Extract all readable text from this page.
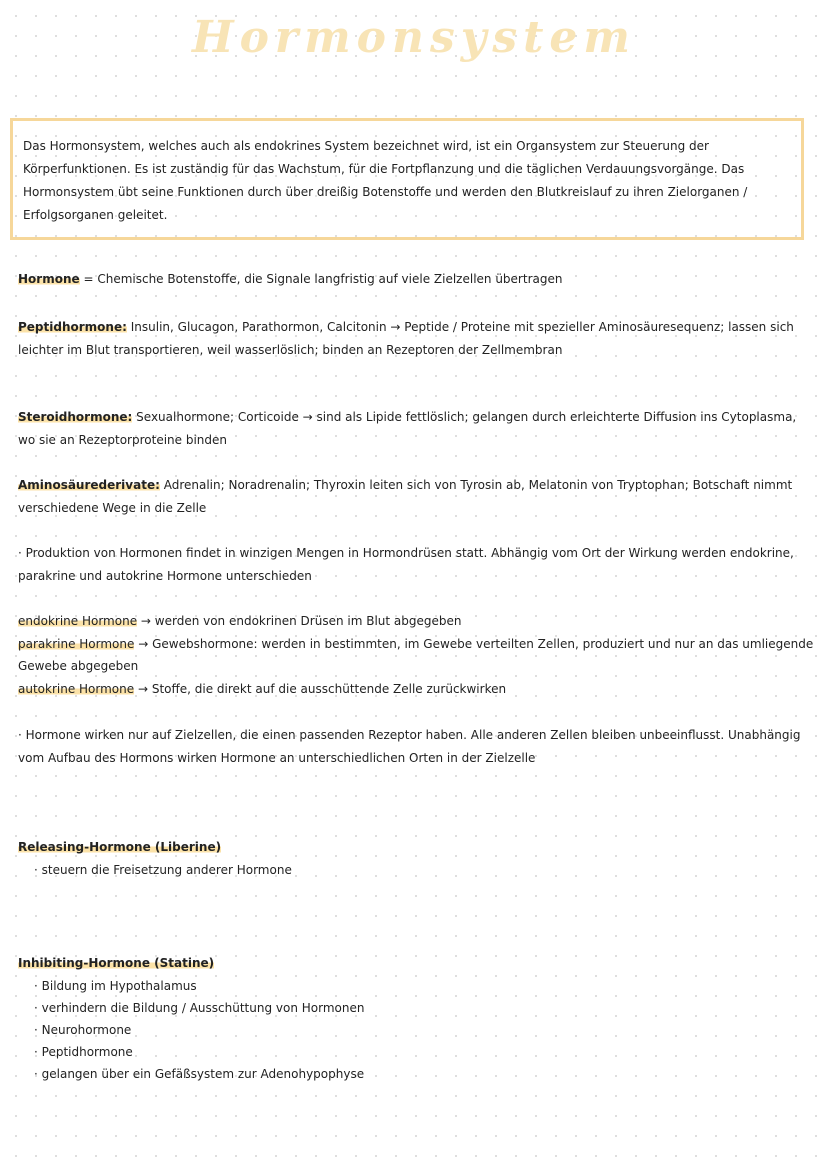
Hormonsystem

Das Hormonsystem, welches auch als endokrines System bezeichnet wird, ist ein Organsystem zur Steuerung der Körperfunktionen. Es ist zuständig für das Wachstum, für die Fortpflanzung und die täglichen Verdauungsvorgänge. Das Hormonsystem übt seine Funktionen durch über dreißig Botenstoffe und werden den Blutkreislauf zu ihren Zielorganen / Erfolgsorganen geleitet.

Hormone = Chemische Botenstoffe, die Signale langfristig auf viele Zielzellen übertragen

Peptidhormone: Insulin, Glucagon, Parathormon, Calcitonin → Peptide / Proteine mit spezieller Aminosäuresequenz; lassen sich leichter im Blut transportieren, weil wasserlöslich; binden an Rezeptoren der Zellmembran

Steroidhormone: Sexualhormone; Corticoide → sind als Lipide fettlöslich; gelangen durch erleichterte Diffusion ins Cytoplasma, wo sie an Rezeptorproteine binden

Aminosäurederivate: Adrenalin; Noradrenalin; Thyroxin leiten sich von Tyrosin ab, Melatonin von Tryptophan; Botschaft nimmt verschiedene Wege in die Zelle

· Produktion von Hormonen findet in winzigen Mengen in Hormondrüsen statt. Abhängig vom Ort der Wirkung werden endokrine, parakrine und autokrine Hormone unterschieden

endokrine Hormone → werden von endokrinen Drüsen im Blut abgegeben

parakrine Hormone → Gewebshormone: werden in bestimmten, im Gewebe verteilten Zellen, produziert und nur an das umliegende Gewebe abgegeben

autokrine Hormone → Stoffe, die direkt auf die ausschüttende Zelle zurückwirken

· Hormone wirken nur auf Zielzellen, die einen passenden Rezeptor haben. Alle anderen Zellen bleiben unbeeinflusst. Unabhängig vom Aufbau des Hormons wirken Hormone an unterschiedlichen Orten in der Zielzelle

Releasing-Hormone (Liberine)

· steuern die Freisetzung anderer Hormone

Inhibiting-Hormone (Statine)

· Bildung im Hypothalamus
· verhindern die Bildung / Ausschüttung von Hormonen
· Neurohormone
· Peptidhormone
· gelangen über ein Gefäßsystem zur Adenohypophyse
